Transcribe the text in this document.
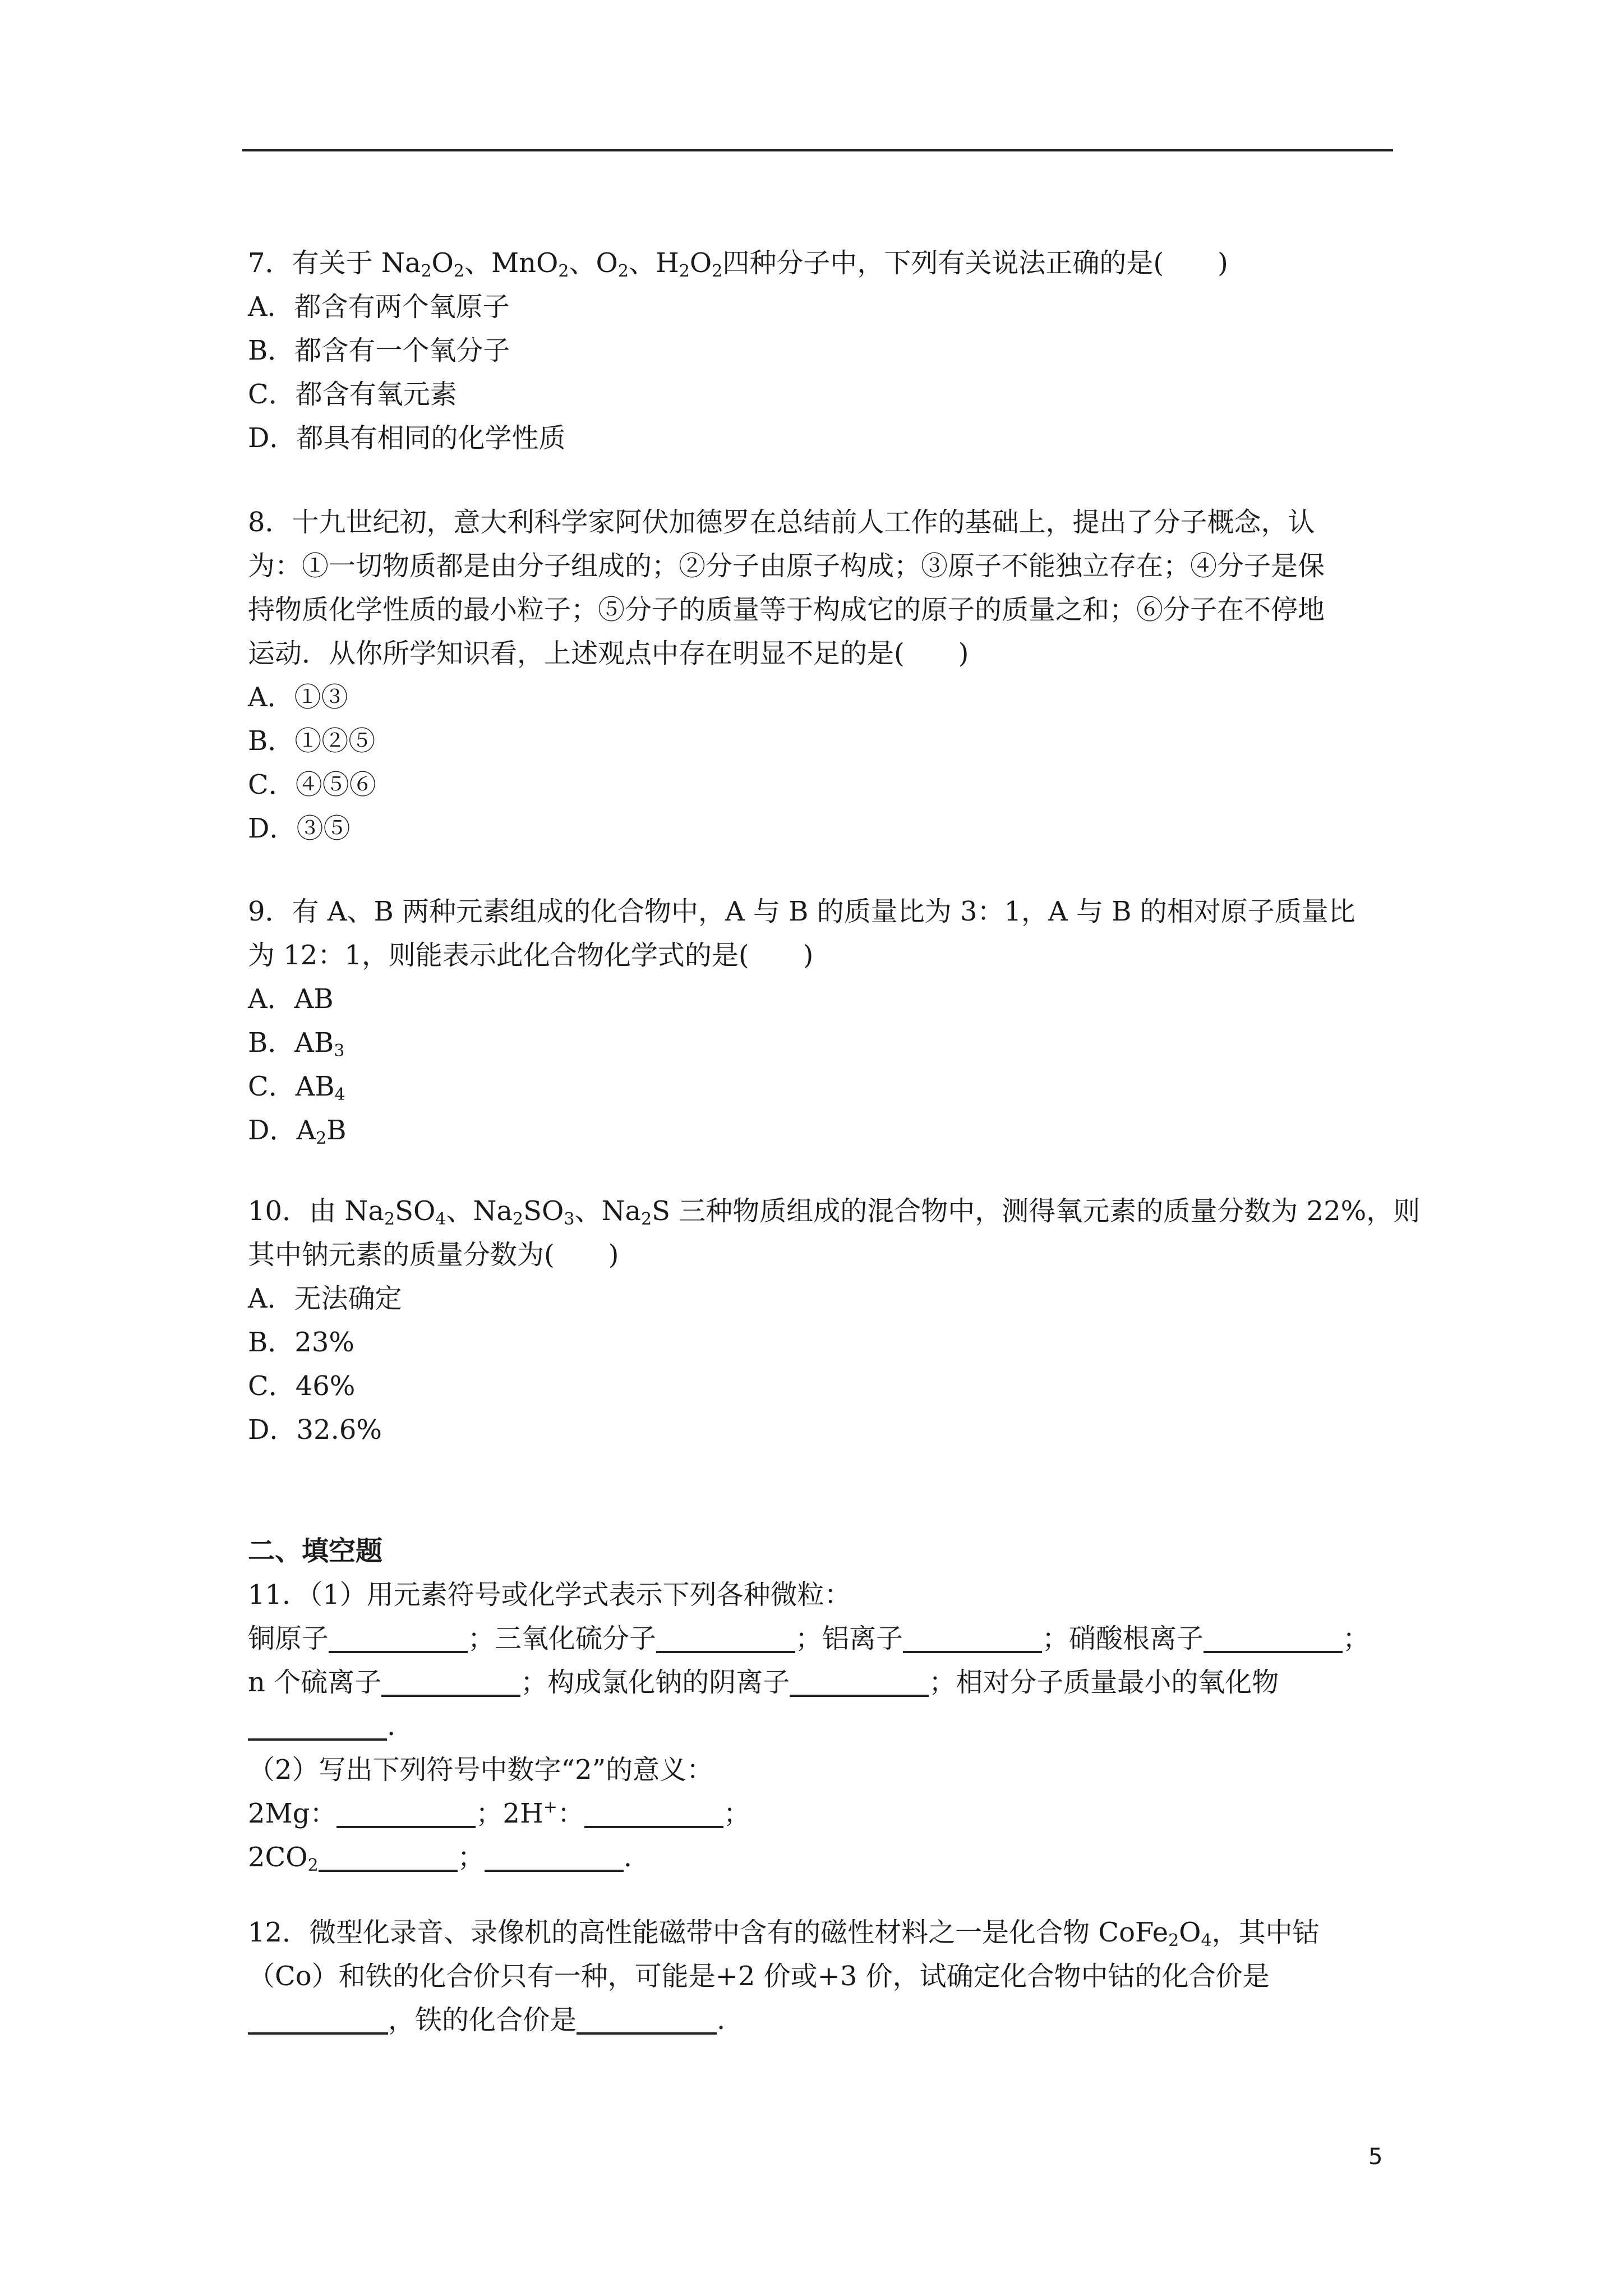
7．有关于 $Na_2O_2$、MnO$_2$、$O_2$、$H_2O_2$四种分子中，下列有关说法正确的是(　　)
A．都含有两个氧原子
B．都含有一个氧分子
C．都含有氧元素
D．都具有相同的化学性质
8．十九世纪初，意大利科学家阿伏加德罗在总结前人工作的基础上，提出了分子概念，认
为：①一切物质都是由分子组成的；②分子由原子构成；③原子不能独立存在；④分子是保
持物质化学性质的最小粒子；⑤分子的质量等于构成它的原子的质量之和；⑥分子在不停地
运动．从你所学知识看，上述观点中存在明显不足的是(　　)
A．①③
B．①②⑤
C．④⑤⑥
D．③⑤
9．有 A、B 两种元素组成的化合物中，A 与 B 的质量比为 3：1，A 与 B 的相对原子质量比
为 12：1，则能表示此化合物化学式的是(　　)
A．AB
B．$AB_3$
C．$AB_4$
D．$A_2B$
10．由 $Na_2SO_4$、$Na_2SO_3$、$Na_2S$ 三种物质组成的混合物中，测得氧元素的质量分数为 22%，则
其中钠元素的质量分数为(　　)
A．无法确定
B．23%
C．46%
D．32.6%
二、填空题
11．（1）用元素符号或化学式表示下列各种微粒：
铜原子	；三氧化硫分子	；铝离子	；硝酸根离子	；
n 个硫离子	；构成氯化钠的阴离子	；相对分子质量最小的氧化物
.
（2）写出下列符号中数字“2”的意义：
2Mg：	；2H+：	；
$2CO_2$	；	.
12．微型化录音、录像机的高性能磁带中含有的磁性材料之一是化合物 $CoFe_2O_4$，其中钴
（Co）和铁的化合价只有一种，可能是+2 价或+3 价，试确定化合物中钴的化合价是
，铁的化合价是	.
5
